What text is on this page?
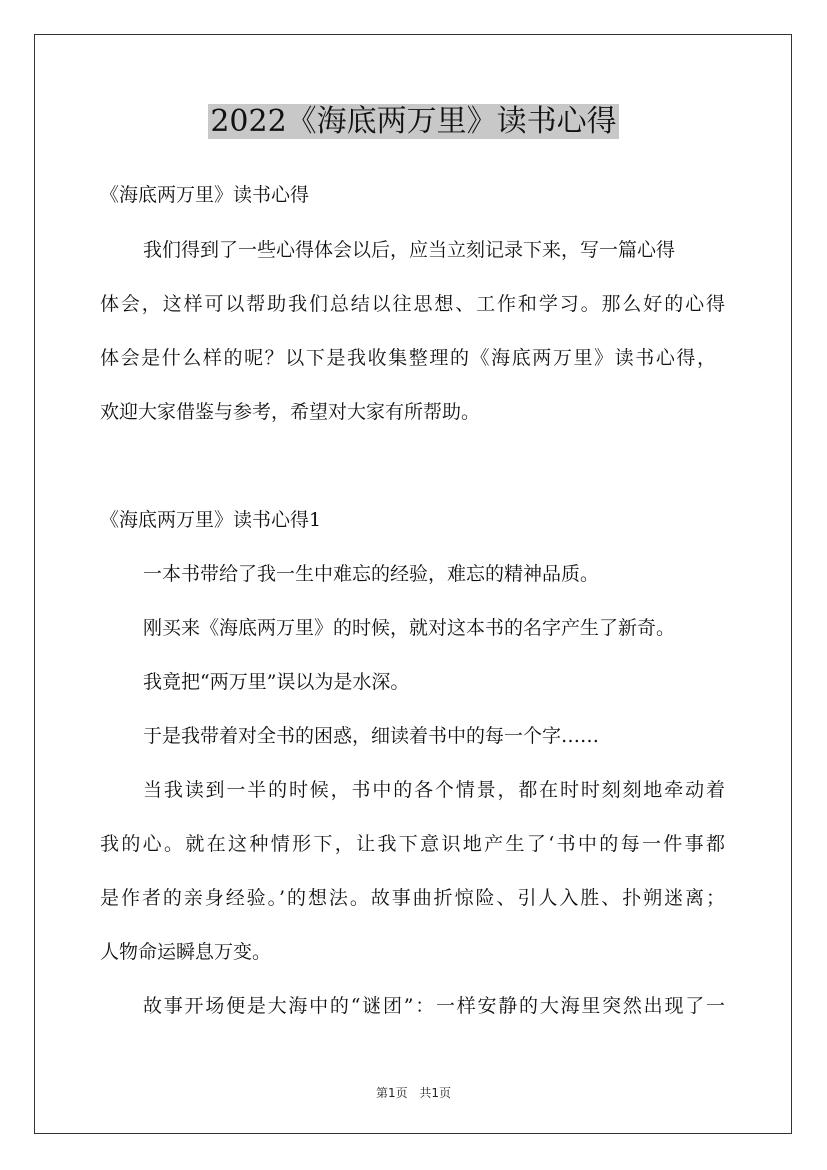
2022《海底两万里》读书心得
《海底两万里》读书心得
我们得到了一些心得体会以后，应当立刻记录下来，写一篇心得
体会，这样可以帮助我们总结以往思想、工作和学习。那么好的心得
体会是什么样的呢？以下是我收集整理的《海底两万里》读书心得，
欢迎大家借鉴与参考，希望对大家有所帮助。
《海底两万里》读书心得1
一本书带给了我一生中难忘的经验，难忘的精神品质。
刚买来《海底两万里》的时候，就对这本书的名字产生了新奇。
我竟把“两万里”误以为是水深。
于是我带着对全书的困惑，细读着书中的每一个字……
当我读到一半的时候，书中的各个情景，都在时时刻刻地牵动着
我的心。就在这种情形下，让我下意识地产生了‘书中的每一件事都
是作者的亲身经验。’的想法。故事曲折惊险、引人入胜、扑朔迷离；
人物命运瞬息万变。
故事开场便是大海中的“谜团”：一样安静的大海里突然出现了一
第1页 共1页
